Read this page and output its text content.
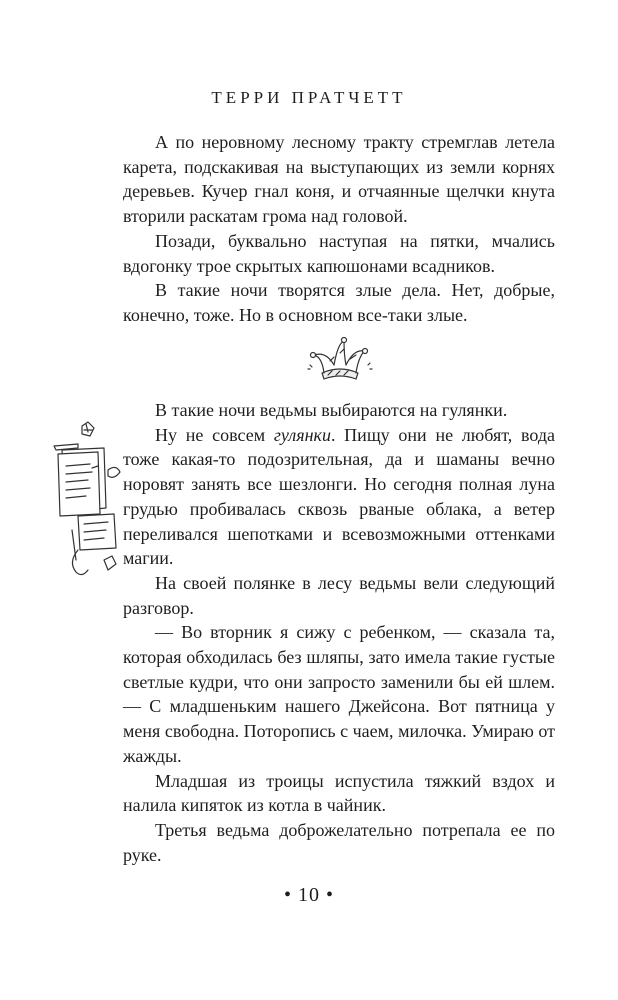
ТЕРРИ ПРАТЧЕТТ

А по неровному лесному тракту стремглав летела карета, подскакивая на выступающих из земли корнях деревьев. Кучер гнал коня, и отчаянные щелчки кнута вторили раскатам грома над головой.

Позади, буквально наступая на пятки, мчались вдогонку трое скрытых капюшонами всадников.

В такие ночи творятся злые дела. Нет, добрые, конечно, тоже. Но в основном все-таки злые.

В такие ночи ведьмы выбираются на гулянки.

Ну не совсем гулянки. Пищу они не любят, вода тоже какая-то подозрительная, да и шаманы вечно норовят занять все шезлонги. Но сегодня полная луна грудью пробивалась сквозь рваные облака, а ветер переливался шепотками и всевозможными оттенками магии.

На своей полянке в лесу ведьмы вели следующий разговор.

— Во вторник я сижу с ребенком, — сказала та, которая обходилась без шляпы, зато имела такие густые светлые кудри, что они запросто заменили бы ей шлем. — С младшеньким нашего Джейсона. Вот пятница у меня свободна. Поторопись с чаем, милочка. Умираю от жажды.

Младшая из троицы испустила тяжкий вздох и налила кипяток из котла в чайник.

Третья ведьма доброжелательно потрепала ее по руке.

• 10 •
